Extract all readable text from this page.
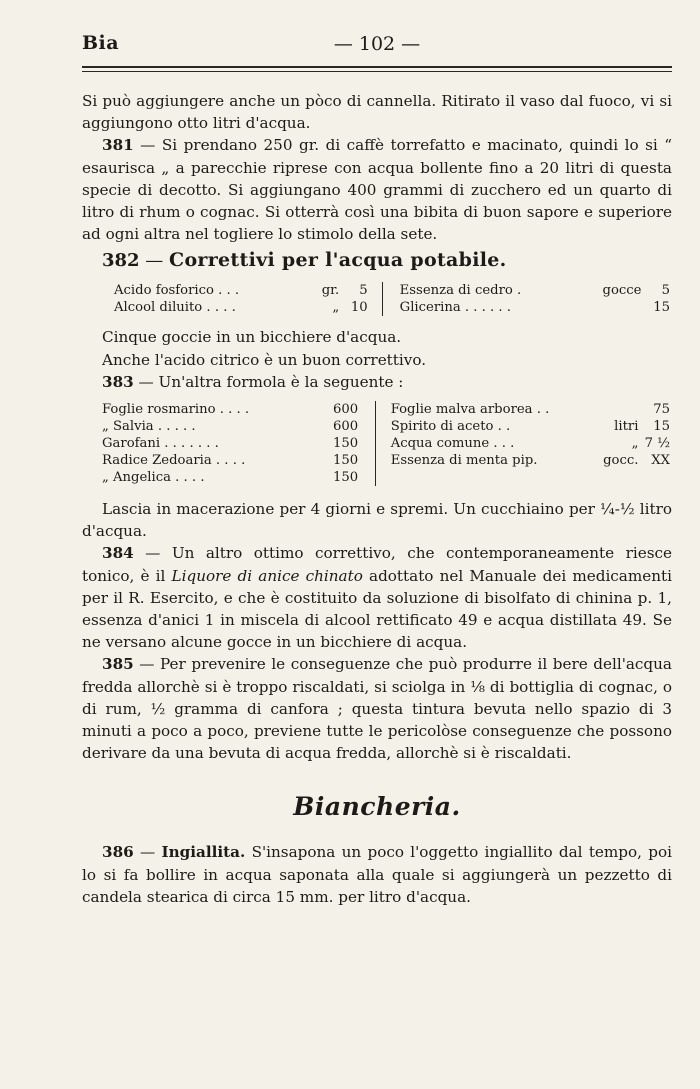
Bia	— 102 —

Si può aggiungere anche un pòco di cannella. Ritirato il vaso dal fuoco, vi si aggiungono otto litri d'acqua.

381 — Si prendano 250 gr. di caffè torrefatto e macinato, quindi lo si “ esaurisca „ a parecchie riprese con acqua bollente fino a 20 litri di questa specie di decotto. Si aggiungano 400 grammi di zucchero ed un quarto di litro di rhum o cognac. Si otterrà così una bibita di buon sapore e superiore ad ogni altra nel togliere lo stimolo della sete.

382 — Correttivi per l'acqua potabile.

Acido fosforico . . .	gr.	5			Essenza di cedro .	gocce	5
Alcool diluito . . . .	„	10			Glicerina . . . . . .		15

Cinque goccie in un bicchiere d'acqua.

Anche l'acido citrico è un buon correttivo.

383 — Un'altra formola è la seguente :

Foglie rosmarino . . . .	600			Foglie malva arborea . .		75
„ Salvia . . . . .	600			Spirito di aceto . .	litri	15
Garofani . . . . . . .	150			Acqua comune . . .	„	7 ½
Radice Zedoaria . . . .	150			Essenza di menta pip.	gocc.	XX
„ Angelica . . . .	150					

Lascia in macerazione per 4 giorni e spremi. Un cucchiaino per ¼-½ litro d'acqua.

384 — Un altro ottimo correttivo, che contemporaneamente riesce tonico, è il Liquore di anice chinato adottato nel Manuale dei medicamenti per il R. Esercito, e che è costituito da soluzione di bisolfato di chinina p. 1, essenza d'anici 1 in miscela di alcool rettificato 49 e acqua distillata 49. Se ne versano alcune gocce in un bicchiere di acqua.

385 — Per prevenire le conseguenze che può produrre il bere dell'acqua fredda allorchè si è troppo riscaldati, si sciolga in ⅛ di bottiglia di cognac, o di rum, ½ gramma di canfora ; questa tintura bevuta nello spazio di 3 minuti a poco a poco, previene tutte le pericolòse conseguenze che possono derivare da una bevuta di acqua fredda, allorchè si è riscaldati.

Biancheria.

386 — Ingiallita. S'insapona un poco l'oggetto ingiallito dal tempo, poi lo si fa bollire in acqua saponata alla quale si aggiungerà un pezzetto di candela stearica di circa 15 mm. per litro d'acqua.
